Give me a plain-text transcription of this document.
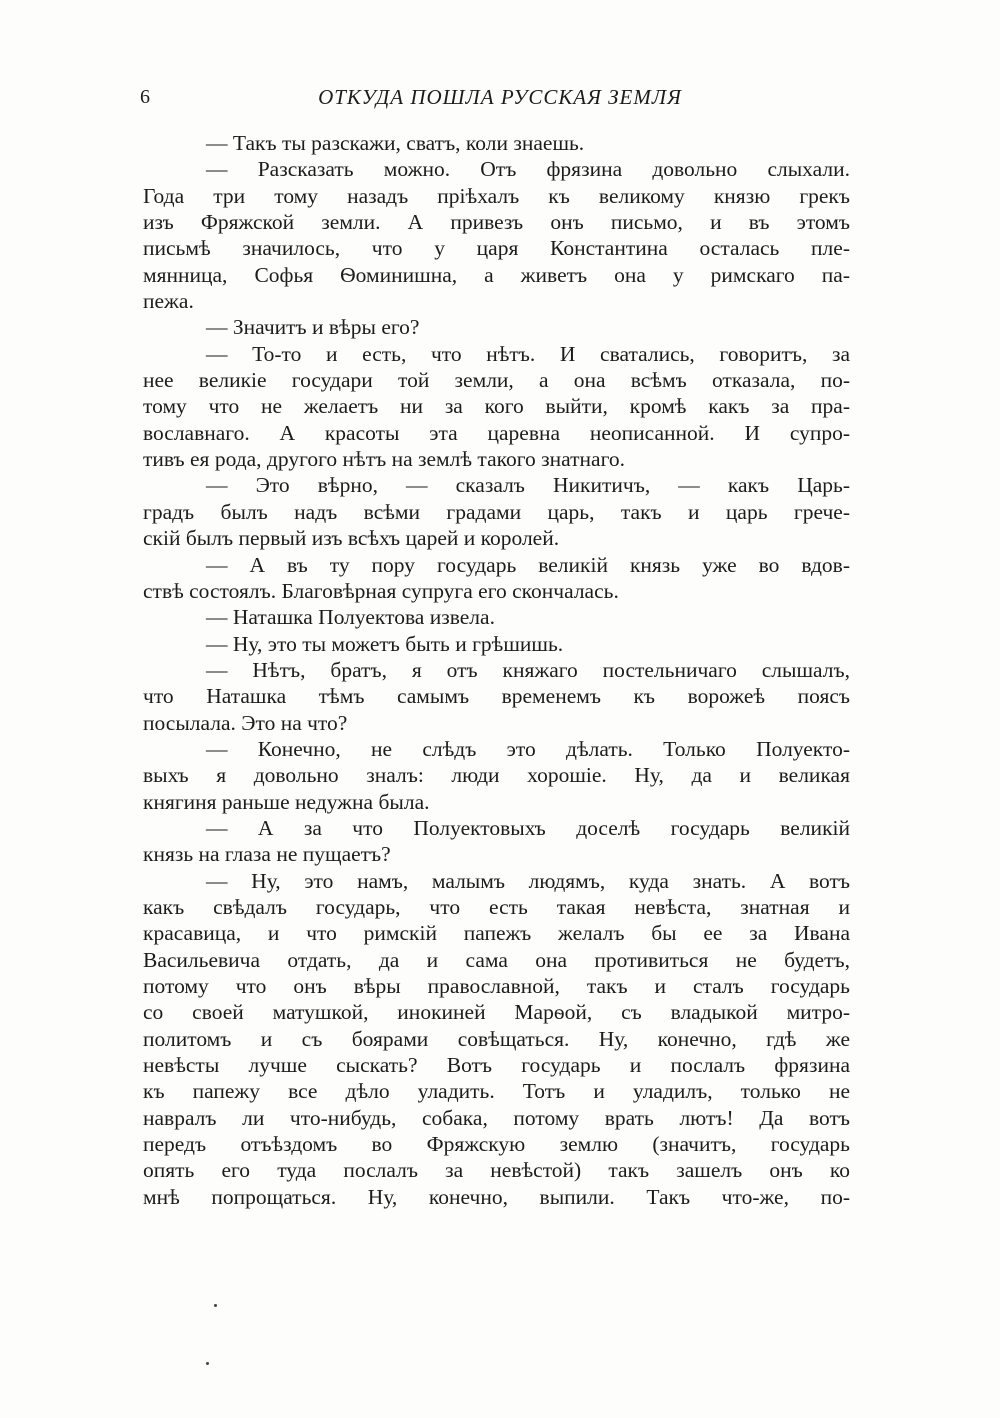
6	ОТКУДА ПОШЛА РУССКАЯ ЗЕМЛЯ
— Такъ ты разскажи, сватъ, коли знаешь.
— Разсказать можно. Отъ фрязина довольно слыхали.
Года три тому назадъ пріѣхалъ къ великому князю грекъ
изъ Фряжской земли. А привезъ онъ письмо, и въ этомъ
письмѣ значилось, что у царя Константина осталась пле-
мянница, Софья Ѳоминишна, а живетъ она у римскаго па-
пежа.
— Значитъ и вѣры его?
— То-то и есть, что нѣтъ. И сватались, говоритъ, за
нее великіе государи той земли, а она всѣмъ отказала, по-
тому что не желаетъ ни за кого выйти, кромѣ какъ за пра-
вославнаго. А красоты эта царевна неописанной. И супро-
тивъ ея рода, другого нѣтъ на землѣ такого знатнаго.
— Это вѣрно, — сказалъ Никитичъ, — какъ Царь-
градъ былъ надъ всѣми градами царь, такъ и царь грече-
скій былъ первый изъ всѣхъ царей и королей.
— А въ ту пору государь великій князь уже во вдов-
ствѣ состоялъ. Благовѣрная супруга его скончалась.
— Наташка Полуектова извела.
— Ну, это ты можетъ быть и грѣшишь.
— Нѣтъ, братъ, я отъ княжаго постельничаго слышалъ,
что Наташка тѣмъ самымъ временемъ къ ворожеѣ поясъ
посылала. Это на что?
— Конечно, не слѣдъ это дѣлать. Только Полуекто-
выхъ я довольно зналъ: люди хорошіе. Ну, да и великая
княгиня раньше недужна была.
— А за что Полуектовыхъ доселѣ государь великій
князь на глаза не пущаетъ?
— Ну, это намъ, малымъ людямъ, куда знать. А вотъ
какъ свѣдалъ государь, что есть такая невѣста, знатная и
красавица, и что римскій папежъ желалъ бы ее за Ивана
Васильевича отдать, да и сама она противиться не будетъ,
потому что онъ вѣры православной, такъ и сталъ государь
со своей матушкой, инокиней Марѳой, съ владыкой митро-
политомъ и съ боярами совѣщаться. Ну, конечно, гдѣ же
невѣсты лучше сыскать? Вотъ государь и послалъ фрязина
къ папежу все дѣло уладить. Тотъ и уладилъ, только не
навралъ ли что-нибудь, собака, потому врать лютъ! Да вотъ
передъ отъѣздомъ во Фряжскую землю (значитъ, государь
опять его туда послалъ за невѣстой) такъ зашелъ онъ ко
мнѣ попрощаться. Ну, конечно, выпили. Такъ что-же, по-
